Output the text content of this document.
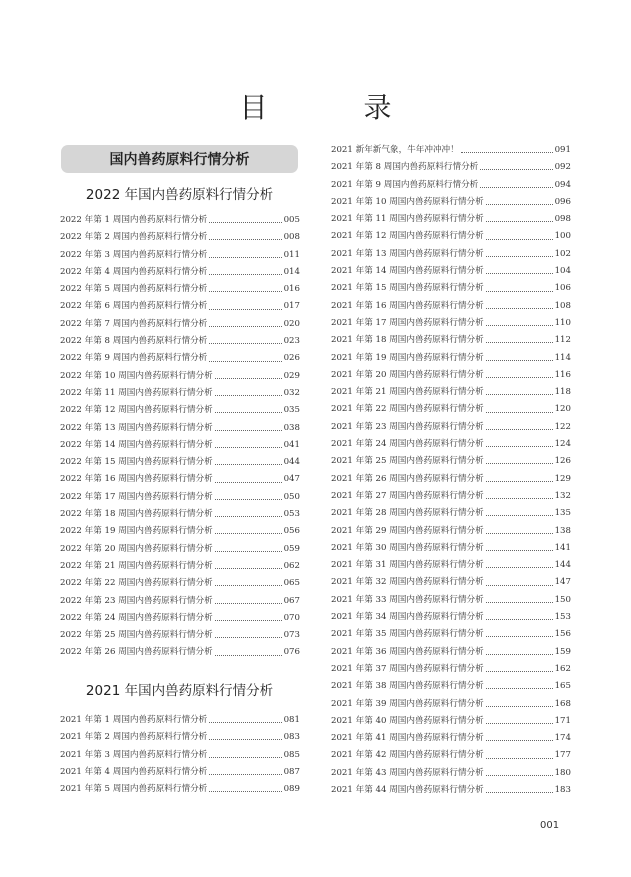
目　录
国内兽药原料行情分析
2022 年国内兽药原料行情分析
2022 年第 1 周国内兽药原料行情分析	005
2022 年第 2 周国内兽药原料行情分析	008
2022 年第 3 周国内兽药原料行情分析	011
2022 年第 4 周国内兽药原料行情分析	014
2022 年第 5 周国内兽药原料行情分析	016
2022 年第 6 周国内兽药原料行情分析	017
2022 年第 7 周国内兽药原料行情分析	020
2022 年第 8 周国内兽药原料行情分析	023
2022 年第 9 周国内兽药原料行情分析	026
2022 年第 10 周国内兽药原料行情分析	029
2022 年第 11 周国内兽药原料行情分析	032
2022 年第 12 周国内兽药原料行情分析	035
2022 年第 13 周国内兽药原料行情分析	038
2022 年第 14 周国内兽药原料行情分析	041
2022 年第 15 周国内兽药原料行情分析	044
2022 年第 16 周国内兽药原料行情分析	047
2022 年第 17 周国内兽药原料行情分析	050
2022 年第 18 周国内兽药原料行情分析	053
2022 年第 19 周国内兽药原料行情分析	056
2022 年第 20 周国内兽药原料行情分析	059
2022 年第 21 周国内兽药原料行情分析	062
2022 年第 22 周国内兽药原料行情分析	065
2022 年第 23 周国内兽药原料行情分析	067
2022 年第 24 周国内兽药原料行情分析	070
2022 年第 25 周国内兽药原料行情分析	073
2022 年第 26 周国内兽药原料行情分析	076
2021 年国内兽药原料行情分析
2021 年第 1 周国内兽药原料行情分析	081
2021 年第 2 周国内兽药原料行情分析	083
2021 年第 3 周国内兽药原料行情分析	085
2021 年第 4 周国内兽药原料行情分析	087
2021 年第 5 周国内兽药原料行情分析	089
2021 新年新气象，牛年冲冲冲！	091
2021 年第 8 周国内兽药原料行情分析	092
2021 年第 9 周国内兽药原料行情分析	094
2021 年第 10 周国内兽药原料行情分析	096
2021 年第 11 周国内兽药原料行情分析	098
2021 年第 12 周国内兽药原料行情分析	100
2021 年第 13 周国内兽药原料行情分析	102
2021 年第 14 周国内兽药原料行情分析	104
2021 年第 15 周国内兽药原料行情分析	106
2021 年第 16 周国内兽药原料行情分析	108
2021 年第 17 周国内兽药原料行情分析	110
2021 年第 18 周国内兽药原料行情分析	112
2021 年第 19 周国内兽药原料行情分析	114
2021 年第 20 周国内兽药原料行情分析	116
2021 年第 21 周国内兽药原料行情分析	118
2021 年第 22 周国内兽药原料行情分析	120
2021 年第 23 周国内兽药原料行情分析	122
2021 年第 24 周国内兽药原料行情分析	124
2021 年第 25 周国内兽药原料行情分析	126
2021 年第 26 周国内兽药原料行情分析	129
2021 年第 27 周国内兽药原料行情分析	132
2021 年第 28 周国内兽药原料行情分析	135
2021 年第 29 周国内兽药原料行情分析	138
2021 年第 30 周国内兽药原料行情分析	141
2021 年第 31 周国内兽药原料行情分析	144
2021 年第 32 周国内兽药原料行情分析	147
2021 年第 33 周国内兽药原料行情分析	150
2021 年第 34 周国内兽药原料行情分析	153
2021 年第 35 周国内兽药原料行情分析	156
2021 年第 36 周国内兽药原料行情分析	159
2021 年第 37 周国内兽药原料行情分析	162
2021 年第 38 周国内兽药原料行情分析	165
2021 年第 39 周国内兽药原料行情分析	168
2021 年第 40 周国内兽药原料行情分析	171
2021 年第 41 周国内兽药原料行情分析	174
2021 年第 42 周国内兽药原料行情分析	177
2021 年第 43 周国内兽药原料行情分析	180
2021 年第 44 周国内兽药原料行情分析	183
001
